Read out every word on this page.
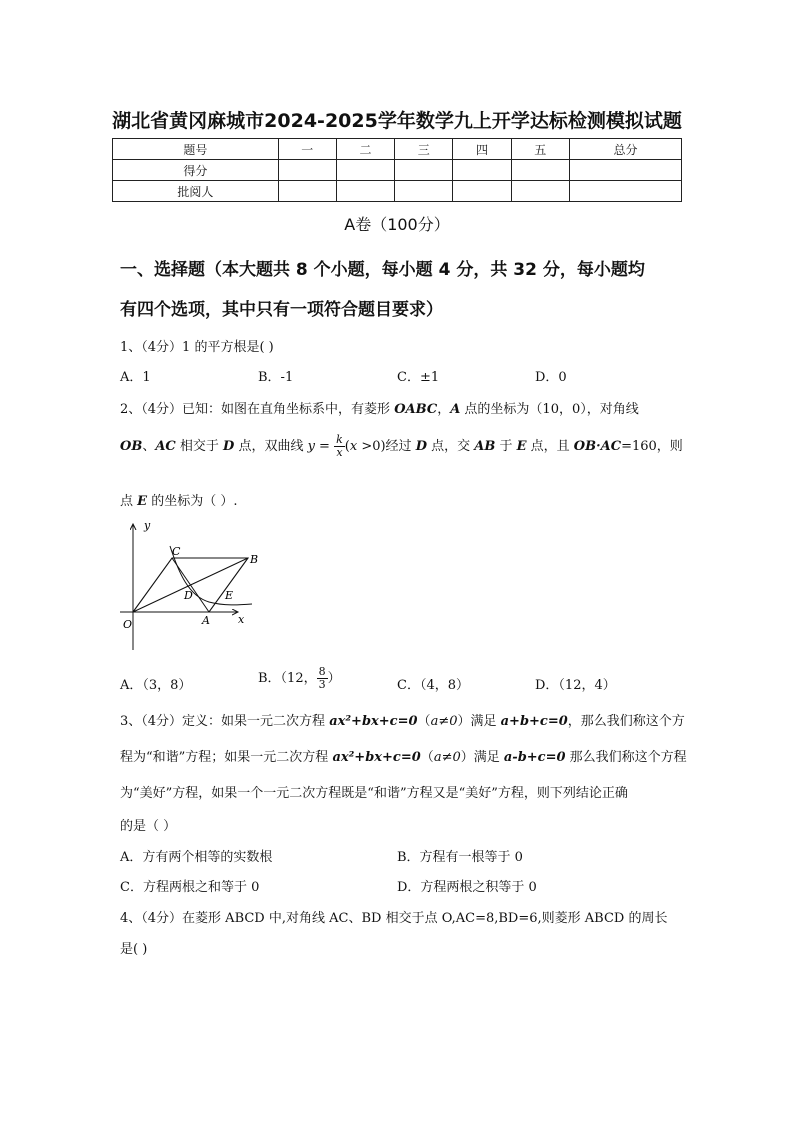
湖北省黄冈麻城市2024-2025学年数学九上开学达标检测模拟试题
题号	一	二	三	四	五	总分
得分						
批阅人						
A卷（100分）
一、选择题（本大题共 8 个小题，每小题 4 分，共 32 分，每小题均
有四个选项，其中只有一项符合题目要求）
1、（4分）1 的平方根是( )
A．1	B．-1	C．±1	D．0
2、（4分）已知：如图在直角坐标系中，有菱形 OABC，A 点的坐标为（10，0），对角线
OB、AC 相交于 D 点，双曲线 $y = \frac{k}{x} (x >0)$经过 D 点，交 AB 于 E 点，且 OB·AC=160，则
点 E 的坐标为（ ）.
y
x
O	A
B
C
D	E
A．（3，8）	B．（12， $\frac{8}{3}$ ）	C．（4，8）	D．（12，4）
3、（4分）定义：如果一元二次方程 ax²+bx+c=0（a≠0）满足 a+b+c=0，那么我们称这个方
程为“和谐”方程；如果一元二次方程 ax²+bx+c=0（a≠0）满足 a-b+c=0 那么我们称这个方程
为“美好”方程，如果一个一元二次方程既是“和谐”方程又是“美好”方程，则下列结论正确
的是（ ）
A．方有两个相等的实数根	B．方程有一根等于 0
C．方程两根之和等于 0	D．方程两根之积等于 0
4、（4分）在菱形 ABCD 中,对角线 AC、BD 相交于点 O,AC=8,BD=6,则菱形 ABCD 的周长
是( )
